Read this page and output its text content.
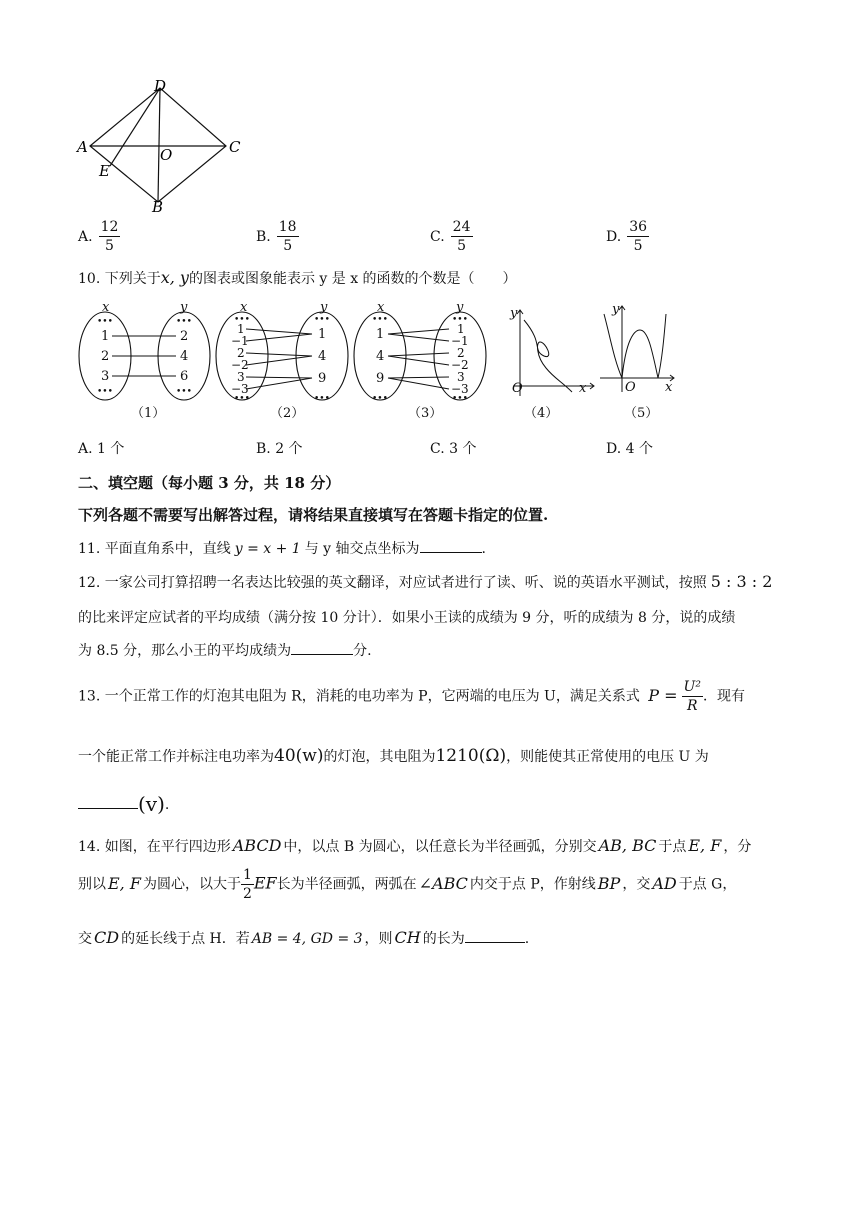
D
A	C
O
E
B
A. $\frac{12}{5}$	B. $\frac{18}{5}$	C. $\frac{24}{5}$	D. $\frac{36}{5}$
10. 下列关于x, y的图表或图象能表示 y 是 x 的函数的个数是（　　）
x	y
•••	•••
1
2
3
2
4
6
•••	•••
（1）
x	y
•••	•••
1
−1
2
−2
3
−3
1
4
9
•••	•••
（2）
x	y
•••	•••
1
4
9
1
−1
2
−2
3
−3
•••	•••
（3）
y
O	x
（4）
y
O x
（5）
A. 1 个	B. 2 个	C. 3 个	D. 4 个
二、填空题（每小题 3 分，共 18 分）
下列各题不需要写出解答过程，请将结果直接填写在答题卡指定的位置.
11. 平面直角系中，直线 y = x + 1 与 y 轴交点坐标为	.
12. 一家公司打算招聘一名表达比较强的英文翻译，对应试者进行了读、听、说的英语水平测试，按照 5 : 3 : 2
的比来评定应试者的平均成绩（满分按 10 分计）．如果小王读的成绩为 9 分，听的成绩为 8 分，说的成绩
为 8.5 分，那么小王的平均成绩为	分.
13. 一个正常工作的灯泡其电阻为 R，消耗的电功率为 P，它两端的电压为 U，满足关系式 $P = \frac{\text{U²}}{R}$ ．现有
一个能正常工作并标注电功率为40(w)的灯泡，其电阻为1210(Ω)，则能使其正常使用的电压 U 为
(v).
14. 如图，在平行四边形 ABCD 中，以点 B 为圆心，以任意长为半径画弧，分别交 AB, BC 于点 E, F ，分
别以 E, F 为圆心，以大于 $\frac{1}{2}$ EF长为半径画弧，两弧在 ∠ABC 内交于点 P，作射线 BP ，交 AD 于点 G，
交 CD 的延长线于点 H．若 AB = 4, GD = 3 ，则 CH 的长为	.
